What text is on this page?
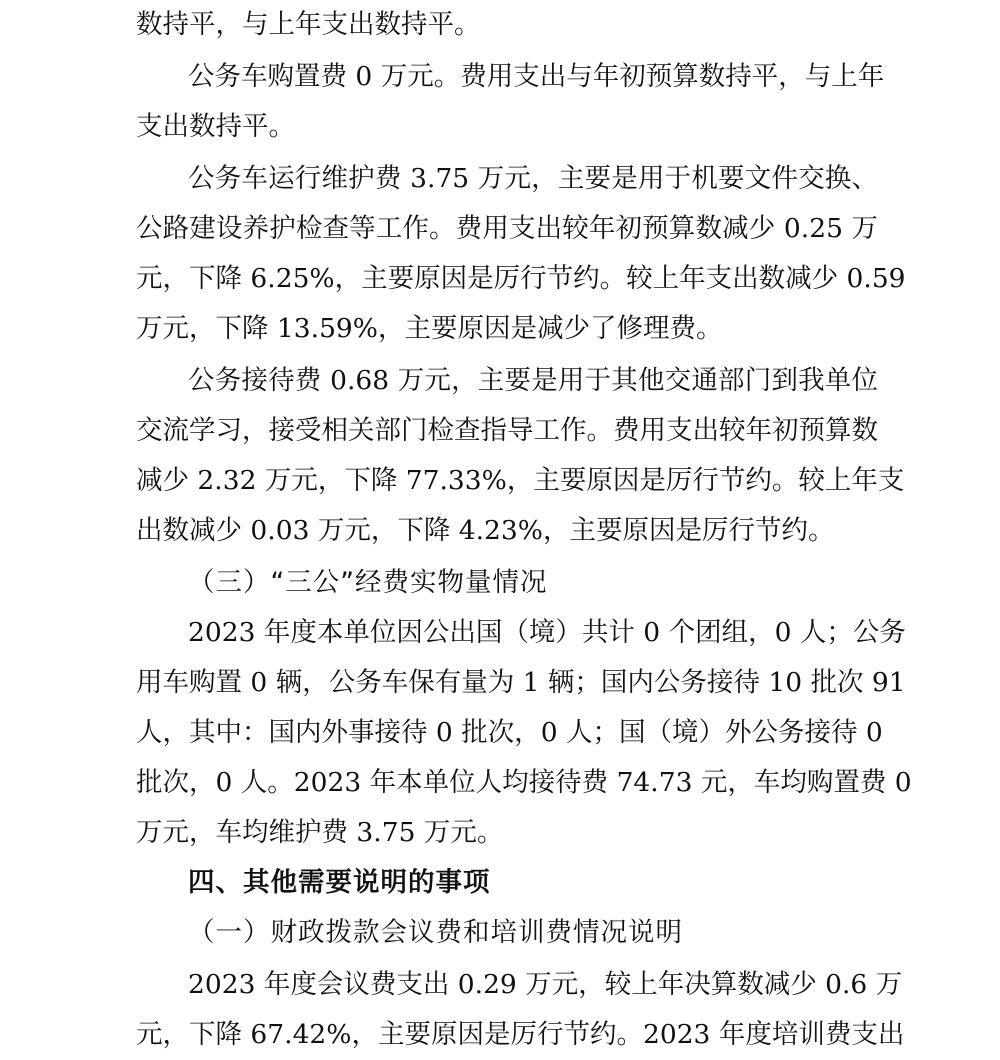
数持平，与上年支出数持平。
公务车购置费 0 万元。费用支出与年初预算数持平，与上年
支出数持平。
公务车运行维护费 3.75 万元，主要是用于机要文件交换、
公路建设养护检查等工作。费用支出较年初预算数减少 0.25 万
元，下降 6.25%，主要原因是厉行节约。较上年支出数减少 0.59
万元，下降 13.59%，主要原因是减少了修理费。
公务接待费 0.68 万元，主要是用于其他交通部门到我单位
交流学习，接受相关部门检查指导工作。费用支出较年初预算数
减少 2.32 万元，下降 77.33%，主要原因是厉行节约。较上年支
出数减少 0.03 万元，下降 4.23%，主要原因是厉行节约。
（三）“三公”经费实物量情况
2023 年度本单位因公出国（境）共计 0 个团组，0 人；公务
用车购置 0 辆，公务车保有量为 1 辆；国内公务接待 10 批次 91
人，其中：国内外事接待 0 批次，0 人；国（境）外公务接待 0
批次，0 人。2023 年本单位人均接待费 74.73 元，车均购置费 0
万元，车均维护费 3.75 万元。
四、其他需要说明的事项
（一）财政拨款会议费和培训费情况说明
2023 年度会议费支出 0.29 万元，较上年决算数减少 0.6 万
元，下降 67.42%，主要原因是厉行节约。2023 年度培训费支出
